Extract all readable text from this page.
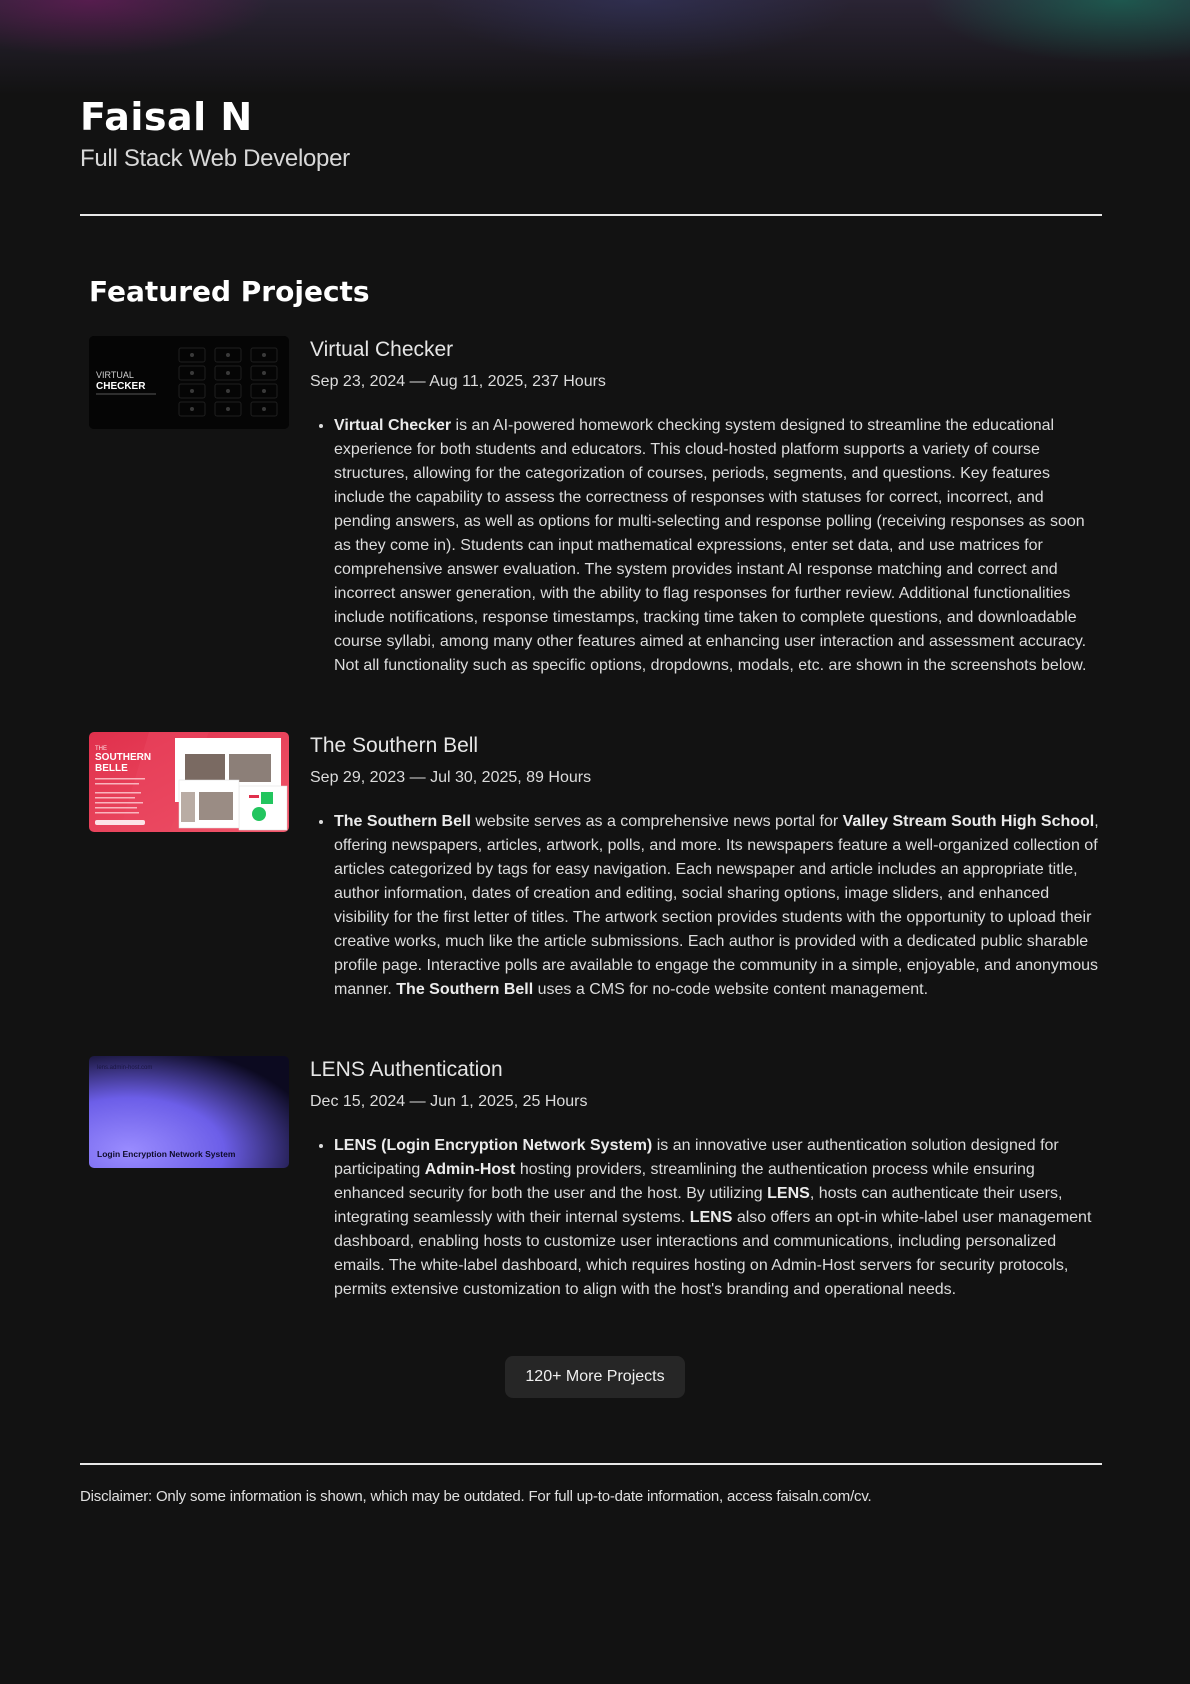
Faisal N

Full Stack Web Developer

Featured Projects
VIRTUAL
CHECKER
Virtual Checker

Sep 23, 2024 — Aug 11, 2025, 237 Hours

• Virtual Checker is an AI-powered homework checking system designed to streamline the educational experience for both students and educators. This cloud-hosted platform supports a variety of course structures, allowing for the categorization of courses, periods, segments, and questions. Key features include the capability to assess the correctness of responses with statuses for correct, incorrect, and pending answers, as well as options for multi-selecting and response polling (receiving responses as soon as they come in). Students can input mathematical expressions, enter set data, and use matrices for comprehensive answer evaluation. The system provides instant AI response matching and correct and incorrect answer generation, with the ability to flag responses for further review. Additional functionalities include notifications, response timestamps, tracking time taken to complete questions, and downloadable course syllabi, among many other features aimed at enhancing user interaction and assessment accuracy. Not all functionality such as specific options, dropdowns, modals, etc. are shown in the screenshots below.
THE
SOUTHERN
BELLE
The Southern Bell

Sep 29, 2023 — Jul 30, 2025, 89 Hours

• The Southern Bell website serves as a comprehensive news portal for Valley Stream South High School, offering newspapers, articles, artwork, polls, and more. Its newspapers feature a well-organized collection of articles categorized by tags for easy navigation. Each newspaper and article includes an appropriate title, author information, dates of creation and editing, social sharing options, image sliders, and enhanced visibility for the first letter of titles. The artwork section provides students with the opportunity to upload their creative works, much like the article submissions. Each author is provided with a dedicated public sharable profile page. Interactive polls are available to engage the community in a simple, enjoyable, and anonymous manner. The Southern Bell uses a CMS for no-code website content management.
lens.admin-host.com
Login Encryption Network System
LENS Authentication

Dec 15, 2024 — Jun 1, 2025, 25 Hours

• LENS (Login Encryption Network System) is an innovative user authentication solution designed for participating Admin-Host hosting providers, streamlining the authentication process while ensuring enhanced security for both the user and the host. By utilizing LENS, hosts can authenticate their users, integrating seamlessly with their internal systems. LENS also offers an opt-in white-label user management dashboard, enabling hosts to customize user interactions and communications, including personalized emails. The white-label dashboard, which requires hosting on Admin-Host servers for security protocols, permits extensive customization to align with the host's branding and operational needs.
120+ More Projects

Disclaimer: Only some information is shown, which may be outdated. For full up-to-date information, access faisaln.com/cv.
